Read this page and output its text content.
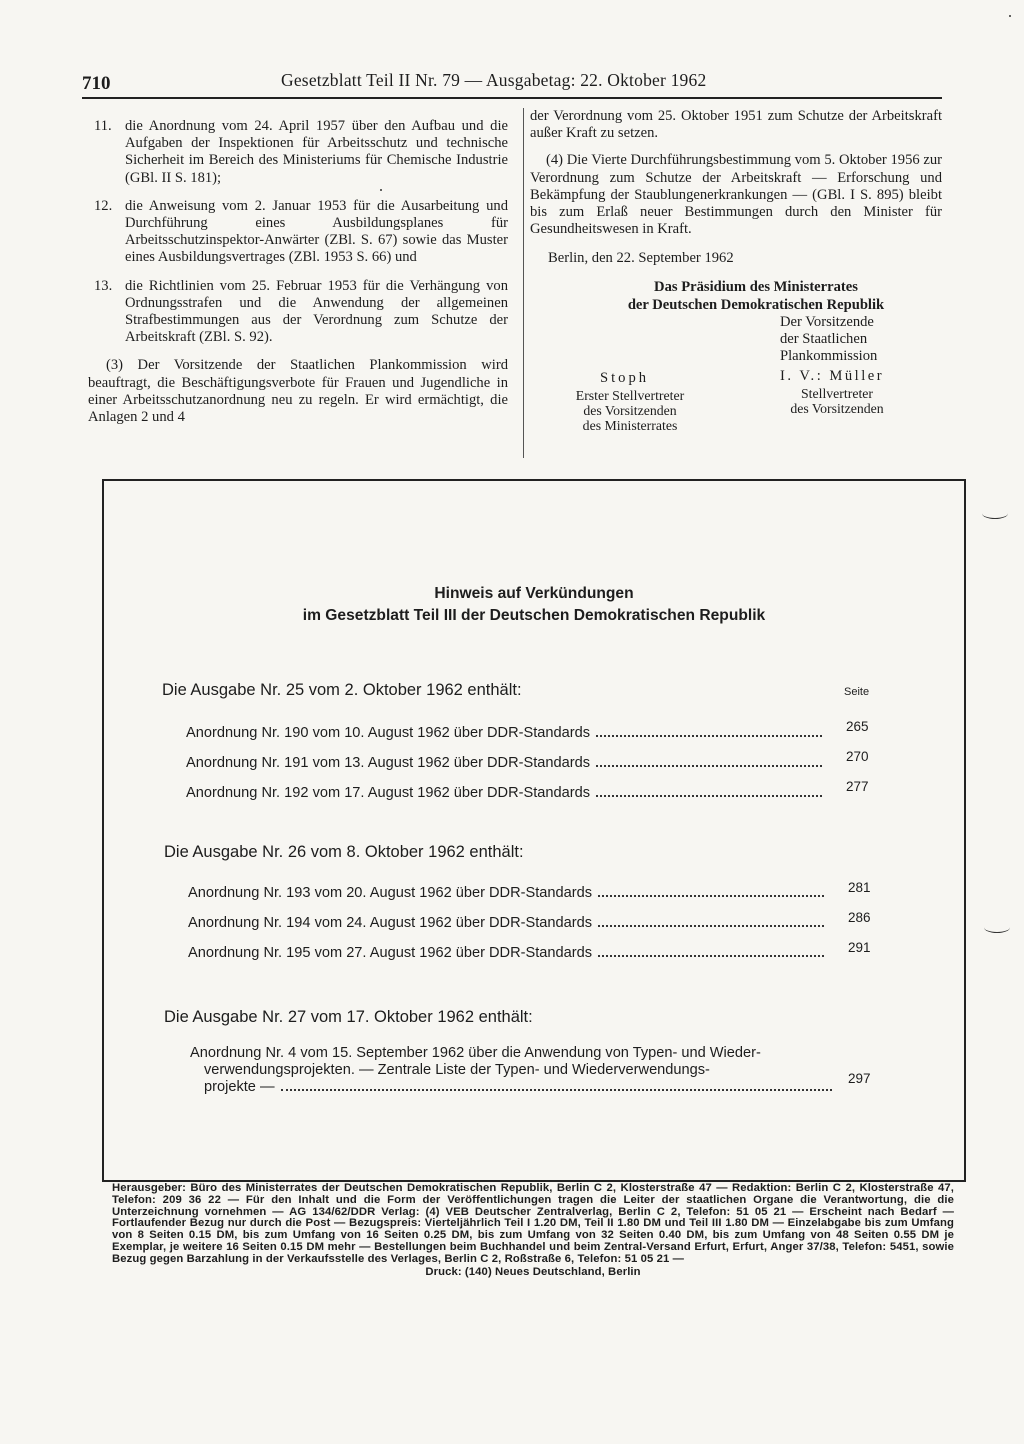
710	Gesetzblatt Teil II Nr. 79 — Ausgabetag: 22. Oktober 1962
11. die Anordnung vom 24. April 1957 über den Aufbau und die Aufgaben der Inspektionen für Arbeitsschutz und technische Sicherheit im Bereich des Ministeriums für Chemische Industrie (GBl. II S. 181);
12. die Anweisung vom 2. Januar 1953 für die Ausarbeitung und Durchführung eines Ausbildungsplanes für Arbeitsschutzinspektor-Anwärter (ZBl. S. 67) sowie das Muster eines Ausbildungsvertrages (ZBl. 1953 S. 66) und
13. die Richtlinien vom 25. Februar 1953 für die Verhängung von Ordnungsstrafen und die Anwendung der allgemeinen Strafbestimmungen aus der Verordnung zum Schutze der Arbeitskraft (ZBl. S. 92).

(3) Der Vorsitzende der Staatlichen Plankommission wird beauftragt, die Beschäftigungsverbote für Frauen und Jugendliche in einer Arbeitsschutzanordnung neu zu regeln. Er wird ermächtigt, die Anlagen 2 und 4

der Verordnung vom 25. Oktober 1951 zum Schutze der Arbeitskraft außer Kraft zu setzen.

(4) Die Vierte Durchführungsbestimmung vom 5. Oktober 1956 zur Verordnung zum Schutze der Arbeitskraft — Erforschung und Bekämpfung der Staublungenerkrankungen — (GBl. I S. 895) bleibt bis zum Erlaß neuer Bestimmungen durch den Minister für Gesundheitswesen in Kraft.

Berlin, den 22. September 1962
Das Präsidium des Ministerrates
der Deutschen Demokratischen Republik
Der Vorsitzende
der Staatlichen
Plankommission
Stoph
Erster Stellvertreter
des Vorsitzenden
des Ministerrates
I. V.: Müller
Stellvertreter
des Vorsitzenden
Hinweis auf Verkündungen
im Gesetzblatt Teil III der Deutschen Demokratischen Republik
Seite
Die Ausgabe Nr. 25 vom 2. Oktober 1962 enthält:
Anordnung Nr. 190 vom 10. August 1962 über DDR-Standards	265
Anordnung Nr. 191 vom 13. August 1962 über DDR-Standards	270
Anordnung Nr. 192 vom 17. August 1962 über DDR-Standards	277
Die Ausgabe Nr. 26 vom 8. Oktober 1962 enthält:
Anordnung Nr. 193 vom 20. August 1962 über DDR-Standards	281
Anordnung Nr. 194 vom 24. August 1962 über DDR-Standards	286
Anordnung Nr. 195 vom 27. August 1962 über DDR-Standards	291
Die Ausgabe Nr. 27 vom 17. Oktober 1962 enthält:
Anordnung Nr. 4 vom 15. September 1962 über die Anwendung von Typen- und Wieder-
verwendungsprojekten. — Zentrale Liste der Typen- und Wiederverwendungs-
projekte —
297
Herausgeber: Büro des Ministerrates der Deutschen Demokratischen Republik, Berlin C 2, Klosterstraße 47 — Redaktion: Berlin C 2, Klosterstraße 47, Telefon: 209 36 22 — Für den Inhalt und die Form der Veröffentlichungen tragen die Leiter der staatlichen Organe die Verantwortung, die die Unterzeichnung vornehmen — AG 134/62/DDR Verlag: (4) VEB Deutscher Zentralverlag, Berlin C 2, Telefon: 51 05 21 — Erscheint nach Bedarf — Fortlaufender Bezug nur durch die Post — Bezugspreis: Vierteljährlich Teil I 1.20 DM, Teil II 1.80 DM und Teil III 1.80 DM — Einzelabgabe bis zum Umfang von 8 Seiten 0.15 DM, bis zum Umfang von 16 Seiten 0.25 DM, bis zum Umfang von 32 Seiten 0.40 DM, bis zum Umfang von 48 Seiten 0.55 DM je Exemplar, je weitere 16 Seiten 0.15 DM mehr — Bestellungen beim Buchhandel und beim Zentral-Versand Erfurt, Erfurt, Anger 37/38, Telefon: 5451, sowie Bezug gegen Barzahlung in der Verkaufsstelle des Verlages, Berlin C 2, Roßstraße 6, Telefon: 51 05 21 —
Druck: (140) Neues Deutschland, Berlin
